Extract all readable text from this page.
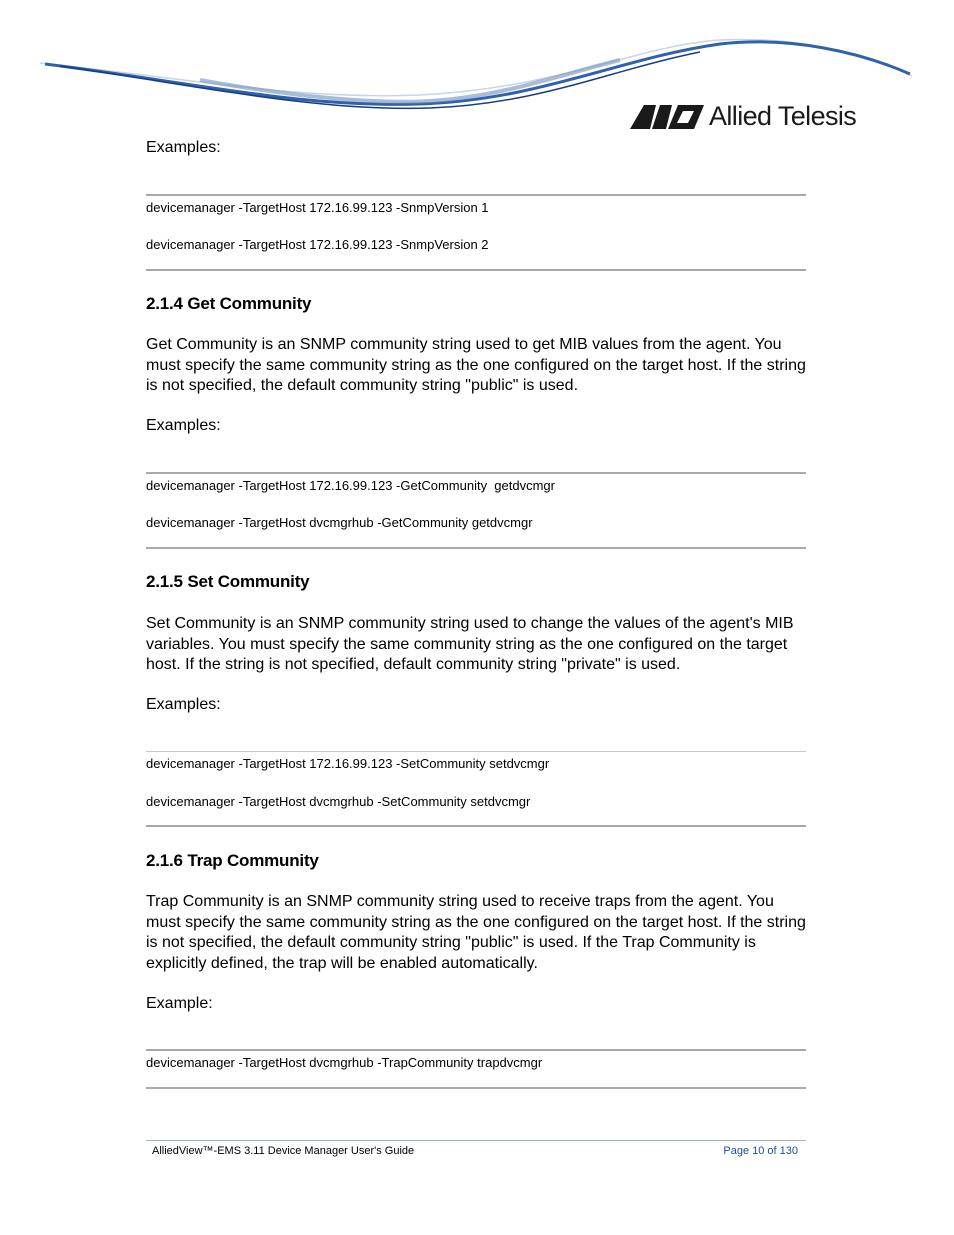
Allied Telesis
Examples:
devicemanager -TargetHost 172.16.99.123 -SnmpVersion 1
devicemanager -TargetHost 172.16.99.123 -SnmpVersion 2
2.1.4 Get Community
Get Community is an SNMP community string used to get MIB values from the agent. You must specify the same community string as the one configured on the target host. If the string is not specified, the default community string "public" is used.
Examples:
devicemanager -TargetHost 172.16.99.123 -GetCommunity  getdvcmgr
devicemanager -TargetHost dvcmgrhub -GetCommunity getdvcmgr
2.1.5 Set Community
Set Community is an SNMP community string used to change the values of the agent's MIB variables. You must specify the same community string as the one configured on the target host. If the string is not specified, default community string "private" is used.
Examples:
devicemanager -TargetHost 172.16.99.123 -SetCommunity setdvcmgr
devicemanager -TargetHost dvcmgrhub -SetCommunity setdvcmgr
2.1.6 Trap Community
Trap Community is an SNMP community string used to receive traps from the agent. You must specify the same community string as the one configured on the target host. If the string is not specified, the default community string "public" is used. If the Trap Community is explicitly defined, the trap will be enabled automatically.
Example:
devicemanager -TargetHost dvcmgrhub -TrapCommunity trapdvcmgr
AlliedView™-EMS 3.11 Device Manager User's Guide	Page 10 of 130
